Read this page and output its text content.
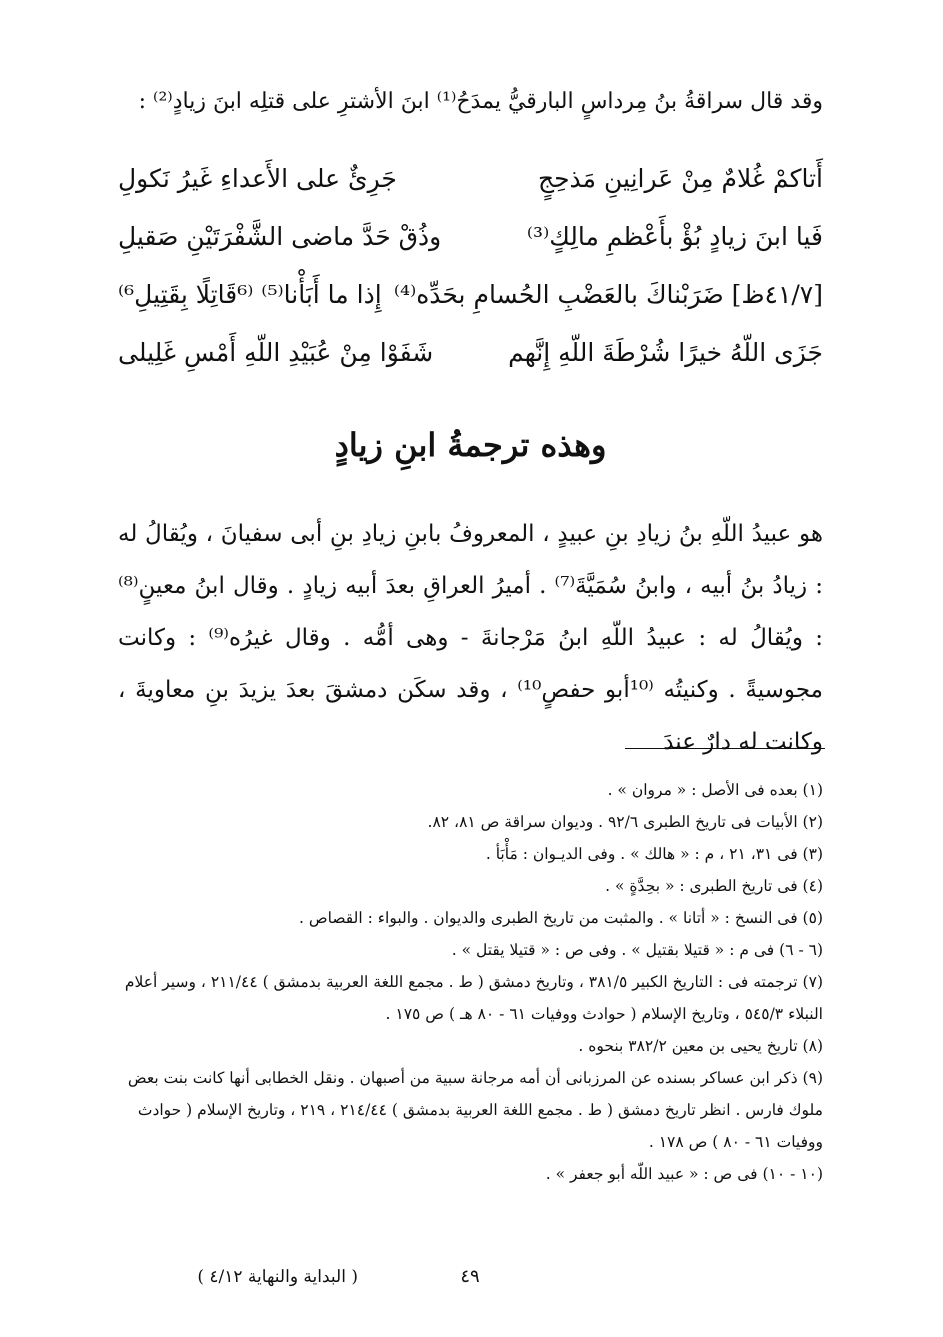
وقد قال سراقةُ بنُ مِرداسٍ البارقيُّ يمدَحُ⁽¹⁾ ابنَ الأشترِ على قتلِه ابنَ زيادٍ⁽²⁾ :
أَتاكمْ غُلامٌ مِنْ عَرانِينِ مَذحِجٍ
جَرِئٌ على الأَعداءِ غَيرُ نَكولِ
فَيا ابنَ زيادٍ بُؤْ بأَعْظمِ مالِكٍ⁽³⁾
وذُقْ حَدَّ ماضى الشَّفْرَتَيْنِ صَقيلِ
[٤١/٧ظ] ضَرَبْناكَ بالعَضْبِ الحُسامِ بحَدِّه⁽⁴⁾
إِذا ما أَبَأْنا⁽⁵⁾ ⁽⁶قَاتِلًا بِقَتِيلِ⁶⁾
جَزَى اللّهُ خيرًا شُرْطَةَ اللّهِ إِنَّهم
شَفَوْا مِنْ عُبَيْدِ اللّهِ أَمْسِ غَلِيلى
وهذه ترجمةُ ابنِ زيادٍ

هو عبيدُ اللّهِ بنُ زيادِ بنِ عبيدٍ ، المعروفُ بابنِ زيادِ بنِ أبى سفيانَ ، ويُقالُ له : زيادُ بنُ أبيه ، وابنُ سُمَيَّةَ⁽⁷⁾ . أميرُ العراقِ بعدَ أبيه زيادٍ . وقال ابنُ معينٍ⁽⁸⁾ : ويُقالُ له : عبيدُ اللّهِ ابنُ مَرْجانةَ - وهى أمُّه . وقال غيرُه⁽⁹⁾ : وكانت مجوسيةً . وكنيتُه ⁽¹⁰أبو حفصٍ¹⁰⁾ ، وقد سكَن دمشقَ بعدَ يزيدَ بنِ معاويةَ ، وكانت له دارٌ عندَ

(١) بعده فى الأصل : « مروان » .

(٢) الأبيات فى تاريخ الطبرى ٩٢/٦ . وديوان سراقة ص ٨١، ٨٢.

(٣) فى ٣١، ٢١ ، م : « هالك » . وفى الديـوان : مَأْبَأ .

(٤) فى تاريخ الطبرى : « بحِدَّةٍ » .

(٥) فى النسخ : « أتانا » . والمثبت من تاريخ الطبرى والديوان . والبواء : القصاص .

(٦ - ٦) فى م : « قتيلا بقتيل » . وفى ص : « قتيلا يقتل » .

(٧) ترجمته فى : التاريخ الكبير ٣٨١/٥ ، وتاريخ دمشق ( ط . مجمع اللغة العربية بدمشق ) ٢١١/٤٤ ، وسير أعلام النبلاء ٥٤٥/٣ ، وتاريخ الإسلام ( حوادث ووفيات ٦١ - ٨٠ هـ ) ص ١٧٥ .

(٨) تاريخ يحيى بن معين ٣٨٢/٢ بنحوه .

(٩) ذكر ابن عساكر بسنده عن المرزبانى أن أمه مرجانة سبية من أصبهان . ونقل الخطابى أنها كانت بنت بعض ملوك فارس . انظر تاريخ دمشق ( ط . مجمع اللغة العربية بدمشق ) ٢١٤/٤٤ ، ٢١٩ ، وتاريخ الإسلام ( حوادث ووفيات ٦١ - ٨٠ ) ص ١٧٨ .

(١٠ - ١٠) فى ص : « عبيد اللّه أبو جعفر » .

٤٩
( البداية والنهاية ٤/١٢ )
